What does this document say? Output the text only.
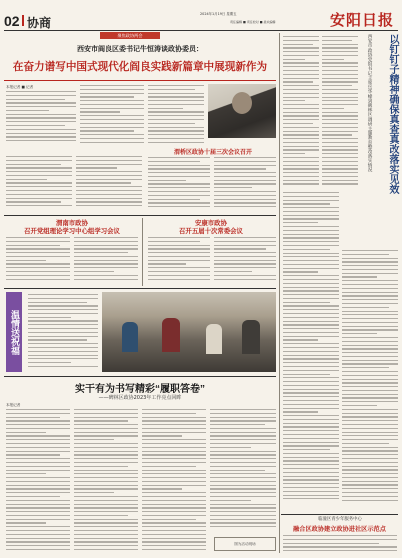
02 协商
2024年1月19日 星期五
责任编辑 ■ 责任校对 ■ 美术编辑	安阳日报
聚焦政协两会
西安市阎良区委书记牛恒涛谈政协委员：
在奋力谱写中国式现代化阎良实践新篇章中展现新作为
本报记者 ■ 记者
渭桥区政协十届三次会议召开
渭南市政协
召开党组理论学习中心组学习会议
安康市政协
召开五届十次常委会议
温情送祝福
实干有为书写精彩“履职答卷”
——碑林区政协2023年工作亮点回眸
本报记者
图为活动现场
以钉钉子精神确保真查真改落实见效
西安市政协党组书记主席岳华峰到碑林区调研主题教育整改落实情况
临潼区青少年服务中心
融合区政协建立政协进社区示范点
